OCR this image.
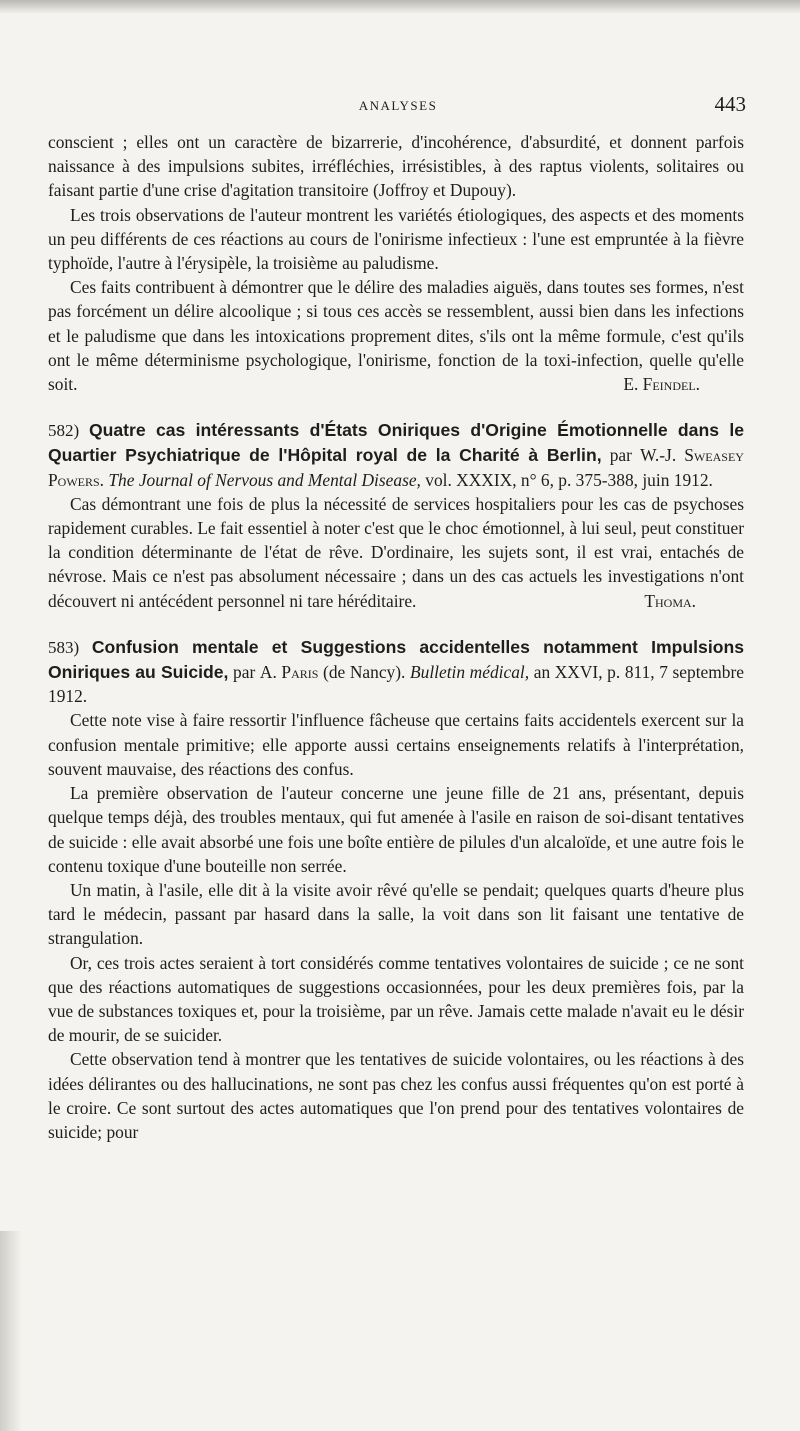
ANALYSES	443

conscient ; elles ont un caractère de bizarrerie, d'incohérence, d'absurdité, et donnent parfois naissance à des impulsions subites, irréfléchies, irrésistibles, à des raptus violents, solitaires ou faisant partie d'une crise d'agitation transitoire (Joffroy et Dupouy).

Les trois observations de l'auteur montrent les variétés étiologiques, des aspects et des moments un peu différents de ces réactions au cours de l'onirisme infectieux : l'une est empruntée à la fièvre typhoïde, l'autre à l'érysipèle, la troisième au paludisme.

Ces faits contribuent à démontrer que le délire des maladies aiguës, dans toutes ses formes, n'est pas forcément un délire alcoolique ; si tous ces accès se ressemblent, aussi bien dans les infections et le paludisme que dans les intoxications proprement dites, s'ils ont la même formule, c'est qu'ils ont le même déterminisme psychologique, l'onirisme, fonction de la toxi-infection, quelle qu'elle soit.	E. Feindel.

582) Quatre cas intéressants d'États Oniriques d'Origine Émotionnelle dans le Quartier Psychiatrique de l'Hôpital royal de la Charité à Berlin, par W.-J. Sweasey Powers. The Journal of Nervous and Mental Disease, vol. XXXIX, n° 6, p. 375-388, juin 1912.

Cas démontrant une fois de plus la nécessité de services hospitaliers pour les cas de psychoses rapidement curables. Le fait essentiel à noter c'est que le choc émotionnel, à lui seul, peut constituer la condition déterminante de l'état de rêve. D'ordinaire, les sujets sont, il est vrai, entachés de névrose. Mais ce n'est pas absolument nécessaire ; dans un des cas actuels les investigations n'ont découvert ni antécédent personnel ni tare héréditaire.	Thoma.

583) Confusion mentale et Suggestions accidentelles notamment Impulsions Oniriques au Suicide, par A. Paris (de Nancy). Bulletin médical, an XXVI, p. 811, 7 septembre 1912.

Cette note vise à faire ressortir l'influence fâcheuse que certains faits accidentels exercent sur la confusion mentale primitive; elle apporte aussi certains enseignements relatifs à l'interprétation, souvent mauvaise, des réactions des confus.

La première observation de l'auteur concerne une jeune fille de 21 ans, présentant, depuis quelque temps déjà, des troubles mentaux, qui fut amenée à l'asile en raison de soi-disant tentatives de suicide : elle avait absorbé une fois une boîte entière de pilules d'un alcaloïde, et une autre fois le contenu toxique d'une bouteille non serrée.

Un matin, à l'asile, elle dit à la visite avoir rêvé qu'elle se pendait; quelques quarts d'heure plus tard le médecin, passant par hasard dans la salle, la voit dans son lit faisant une tentative de strangulation.

Or, ces trois actes seraient à tort considérés comme tentatives volontaires de suicide ; ce ne sont que des réactions automatiques de suggestions occasionnées, pour les deux premières fois, par la vue de substances toxiques et, pour la troisième, par un rêve. Jamais cette malade n'avait eu le désir de mourir, de se suicider.

Cette observation tend à montrer que les tentatives de suicide volontaires, ou les réactions à des idées délirantes ou des hallucinations, ne sont pas chez les confus aussi fréquentes qu'on est porté à le croire. Ce sont surtout des actes automatiques que l'on prend pour des tentatives volontaires de suicide; pour
